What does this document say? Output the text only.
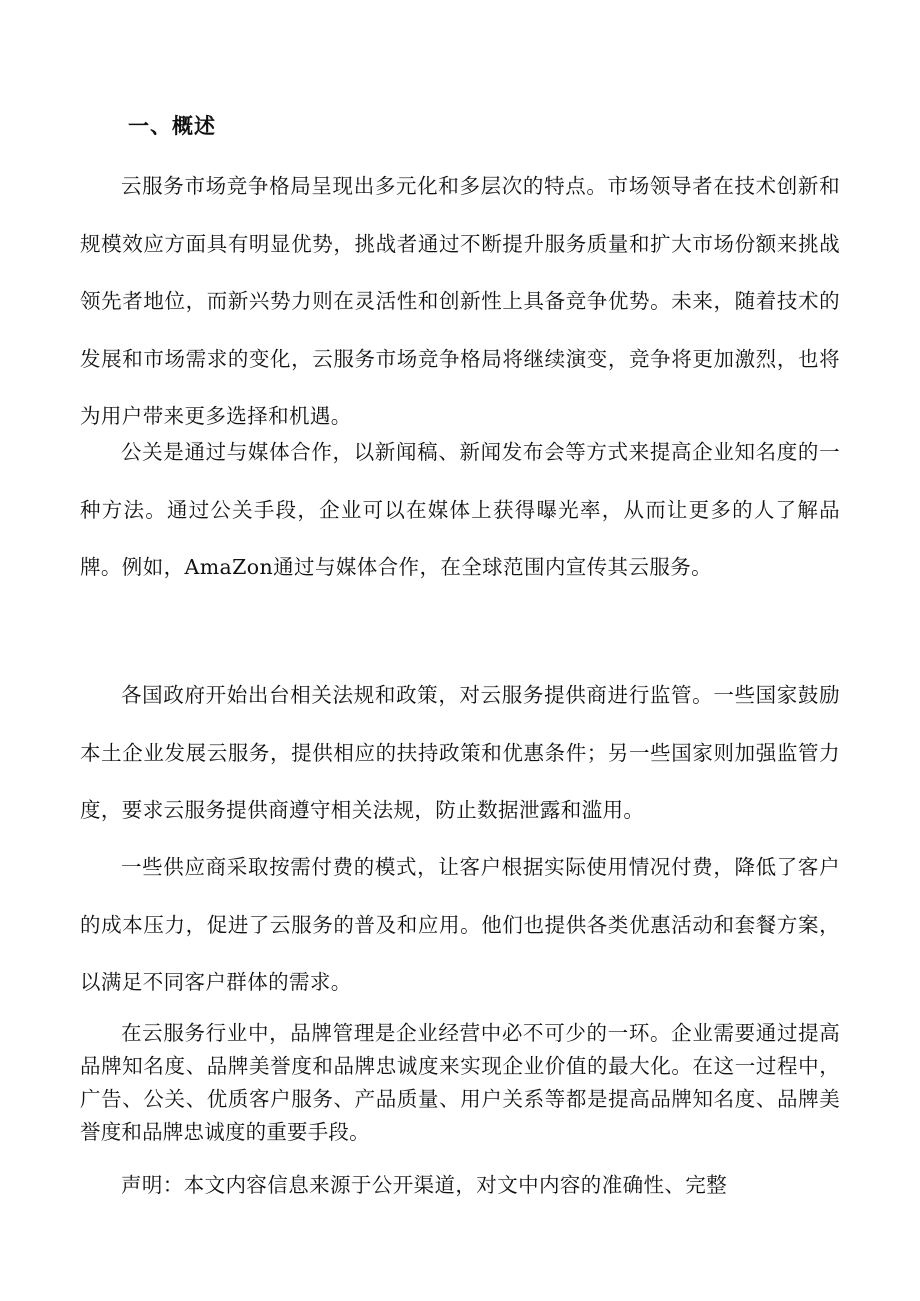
一、概述

云服务市场竞争格局呈现出多元化和多层次的特点。市场领导者在技术创新和规模效应方面具有明显优势，挑战者通过不断提升服务质量和扩大市场份额来挑战领先者地位，而新兴势力则在灵活性和创新性上具备竞争优势。未来，随着技术的发展和市场需求的变化，云服务市场竞争格局将继续演变，竞争将更加激烈，也将为用户带来更多选择和机遇。

公关是通过与媒体合作，以新闻稿、新闻发布会等方式来提高企业知名度的一种方法。通过公关手段，企业可以在媒体上获得曝光率，从而让更多的人了解品牌。例如，AmaZon通过与媒体合作，在全球范围内宣传其云服务。

各国政府开始出台相关法规和政策，对云服务提供商进行监管。一些国家鼓励本土企业发展云服务，提供相应的扶持政策和优惠条件；另一些国家则加强监管力度，要求云服务提供商遵守相关法规，防止数据泄露和滥用。

一些供应商采取按需付费的模式，让客户根据实际使用情况付费，降低了客户的成本压力，促进了云服务的普及和应用。他们也提供各类优惠活动和套餐方案，以满足不同客户群体的需求。

在云服务行业中，品牌管理是企业经营中必不可少的一环。企业需要通过提高品牌知名度、品牌美誉度和品牌忠诚度来实现企业价值的最大化。在这一过程中，广告、公关、优质客户服务、产品质量、用户关系等都是提高品牌知名度、品牌美誉度和品牌忠诚度的重要手段。

声明：本文内容信息来源于公开渠道，对文中内容的准确性、完整
